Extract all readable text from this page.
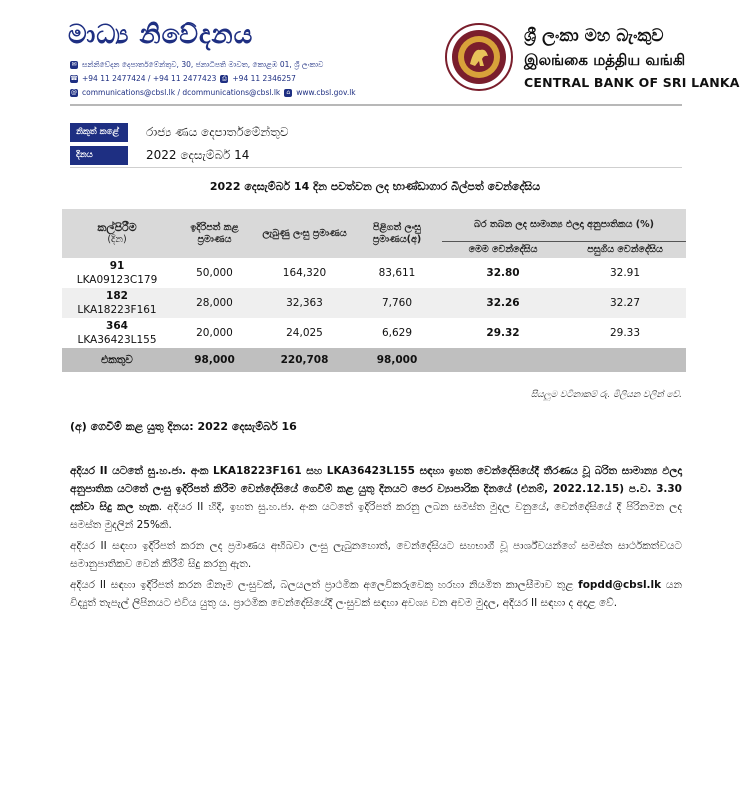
මාධ්‍ය නිවේදනය
✉ සන්නිවේදන දෙපාර්තමේන්තුව, 30, ජනාධිපති මාවත, කොළඹ 01, ශ්‍රී ලංකාව
☎ +94 11 2477424 / +94 11 2477423 ⎙ +94 11 2346257
@ communications@cbsl.lk / dcommunications@cbsl.lk	⌂ www.cbsl.gov.lk
ශ්‍රී ලංකා මහ බැංකුව
இலங்கை மத்திய வங்கி
CENTRAL BANK OF SRI LANKA
නිකුත් කළේ	රාජ්‍ය ණය දෙපාර්තමේන්තුව
දිනය	2022 දෙසැම්බර් 14
2022 දෙසැම්බර් 14 දින පවත්වන ලද භාණ්ඩාගාර බිල්පත් වෙන්දේසිය
කල්පිරීම
(දින)	ඉදිරිපත් කළ ප්‍රමාණය	ලැබුණු ලංසු ප්‍රමාණය	පිළිගත් ලංසු ප්‍රමාණය(අ)	බර තබන ලද සාමාන්‍ය ඵලදා අනුපාතිකය (%)	
				මෙම වෙන්දේසිය	පසුගිය වෙන්දේසිය

91
LKA09123C179	50,000	164,320	83,611	32.80	32.91

182
LKA18223F161	28,000	32,363	7,760	32.26	32.27

364
LKA36423L155	20,000	24,025	6,629	29.32	29.33
එකතුව	98,000	220,708	98,000		
සියලුම වටිනාකම් රු. මිලියන වලින් වේ.
(අ) ගෙවීම් කළ යුතු දිනය: 2022 දෙසැම්බර් 16

අදියර II යටතේ සු.හ.ජා. අංක LKA18223F161 සහ LKA36423L155 සඳහා ඉහත වෙන්දේසියේදී තීරණය වූ බරිත සාමාන්‍ය ඵලදා අනුපාතික යටතේ ලංසු ඉදිරිපත් කිරීම වෙන්දේසියේ ගෙවීම් කළ යුතු දිනයට පෙර ව්‍යාපාරික දිනයේ (එනම්, 2022.12.15) ප.ව. 3.30 දක්වා සිදු කල හැක. අදියර II හිදී, ඉහත සු.හ.ජා. අංක යටතේ ඉදිරිපත් කරනු ලබන සමස්ත මුදල වනුයේ, වෙන්දේසියේ දී පිරිනමන ලද සමස්ත මුදලින් 25%කි.

අදියර II සඳහා ඉදිරිපත් කරන ලද ප්‍රමාණය අභිබවා ලංසු ලැබුනහොත්, වෙන්දේසියට සහභාගී වූ පාර්ශ්වයන්ගේ සමස්ත සාර්ථකත්වයට සමානුපාතිකව වෙන් කිරීම් සිදු කරනු ඇත.

අදියර II සඳහා ඉදිරිපත් කරන ඕනෑම ලංසුවක්, බලයලත් ප්‍රාථමික අලෙවිකරුවෙකු හරහා නියමිත කාලසීමාව තුළ fopdd@cbsl.lk යන විද්‍යුත් තැපැල් ලිපිනයට එවිය යුතු ය. ප්‍රාථමික වෙන්දේසියේදී ලංසුවක් සඳහා අවශ්‍ය වන අවම මුදල, අදියර II සඳහා ද අදාළ වේ.
